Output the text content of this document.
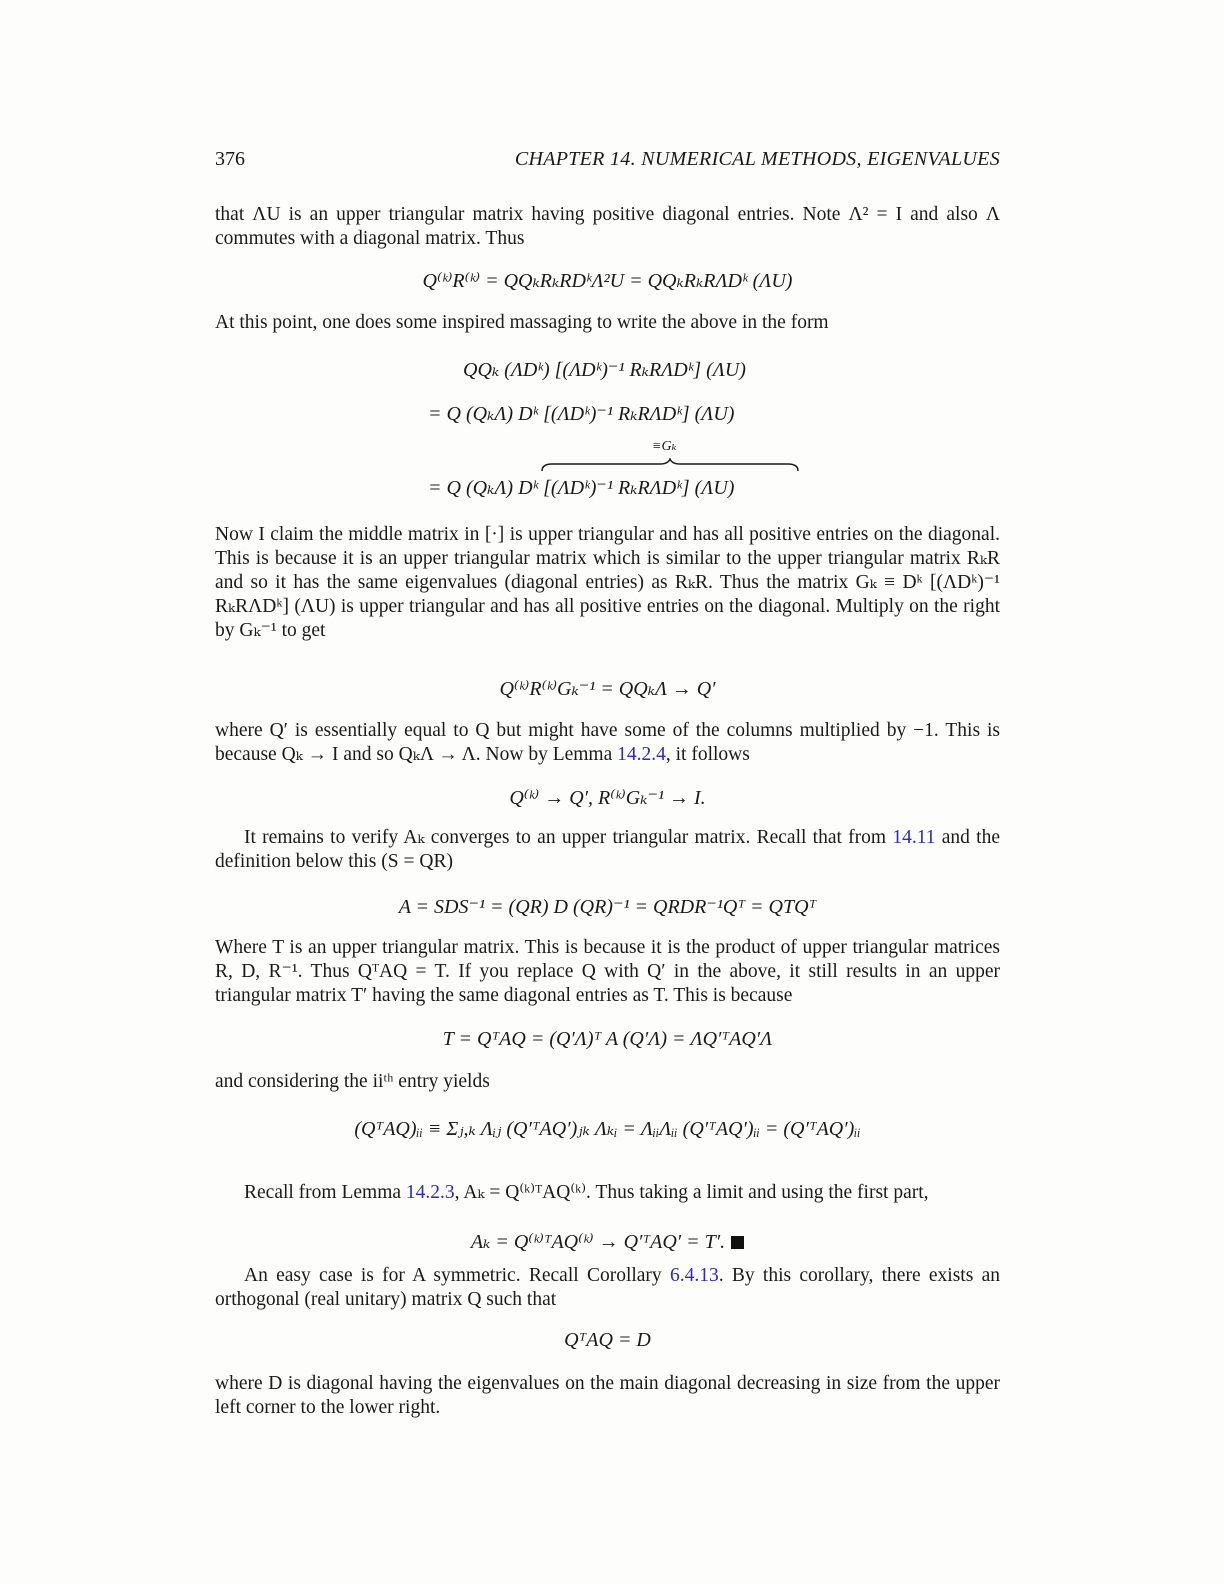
376	CHAPTER 14. NUMERICAL METHODS, EIGENVALUES
that ΛU is an upper triangular matrix having positive diagonal entries. Note Λ² = I and also Λ commutes with a diagonal matrix. Thus
Q⁽ᵏ⁾R⁽ᵏ⁾ = QQₖRₖRDᵏΛ²U = QQₖRₖRΛDᵏ (ΛU)
At this point, one does some inspired massaging to write the above in the form
QQₖ (ΛDᵏ) [(ΛDᵏ)⁻¹ RₖRΛDᵏ] (ΛU)
= Q (QₖΛ) Dᵏ [(ΛDᵏ)⁻¹ RₖRΛDᵏ] (ΛU)
≡Gₖ
= Q (QₖΛ) Dᵏ [(ΛDᵏ)⁻¹ RₖRΛDᵏ] (ΛU)
Now I claim the middle matrix in [·] is upper triangular and has all positive entries on the diagonal. This is because it is an upper triangular matrix which is similar to the upper triangular matrix RₖR and so it has the same eigenvalues (diagonal entries) as RₖR. Thus the matrix Gₖ ≡ Dᵏ [(ΛDᵏ)⁻¹ RₖRΛDᵏ] (ΛU) is upper triangular and has all positive entries on the diagonal. Multiply on the right by Gₖ⁻¹ to get
Q⁽ᵏ⁾R⁽ᵏ⁾Gₖ⁻¹ = QQₖΛ → Q′
where Q′ is essentially equal to Q but might have some of the columns multiplied by −1. This is because Qₖ → I and so QₖΛ → Λ. Now by Lemma 14.2.4, it follows
Q⁽ᵏ⁾ → Q′, R⁽ᵏ⁾Gₖ⁻¹ → I.
It remains to verify Aₖ converges to an upper triangular matrix. Recall that from 14.11 and the definition below this (S = QR)
A = SDS⁻¹ = (QR) D (QR)⁻¹ = QRDR⁻¹Qᵀ = QTQᵀ
Where T is an upper triangular matrix. This is because it is the product of upper triangular matrices R, D, R⁻¹. Thus QᵀAQ = T. If you replace Q with Q′ in the above, it still results in an upper triangular matrix T′ having the same diagonal entries as T. This is because
T = QᵀAQ = (Q′Λ)ᵀ A (Q′Λ) = ΛQ′ᵀAQ′Λ
and considering the iiᵗʰ entry yields
(QᵀAQ)ᵢᵢ ≡ Σⱼ,ₖ Λᵢⱼ (Q′ᵀAQ′)ⱼₖ Λₖᵢ = ΛᵢᵢΛᵢᵢ (Q′ᵀAQ′)ᵢᵢ = (Q′ᵀAQ′)ᵢᵢ
Recall from Lemma 14.2.3, Aₖ = Q⁽ᵏ⁾ᵀAQ⁽ᵏ⁾. Thus taking a limit and using the first part,
Aₖ = Q⁽ᵏ⁾ᵀAQ⁽ᵏ⁾ → Q′ᵀAQ′ = T′.
An easy case is for A symmetric. Recall Corollary 6.4.13. By this corollary, there exists an orthogonal (real unitary) matrix Q such that
QᵀAQ = D
where D is diagonal having the eigenvalues on the main diagonal decreasing in size from the upper left corner to the lower right.
